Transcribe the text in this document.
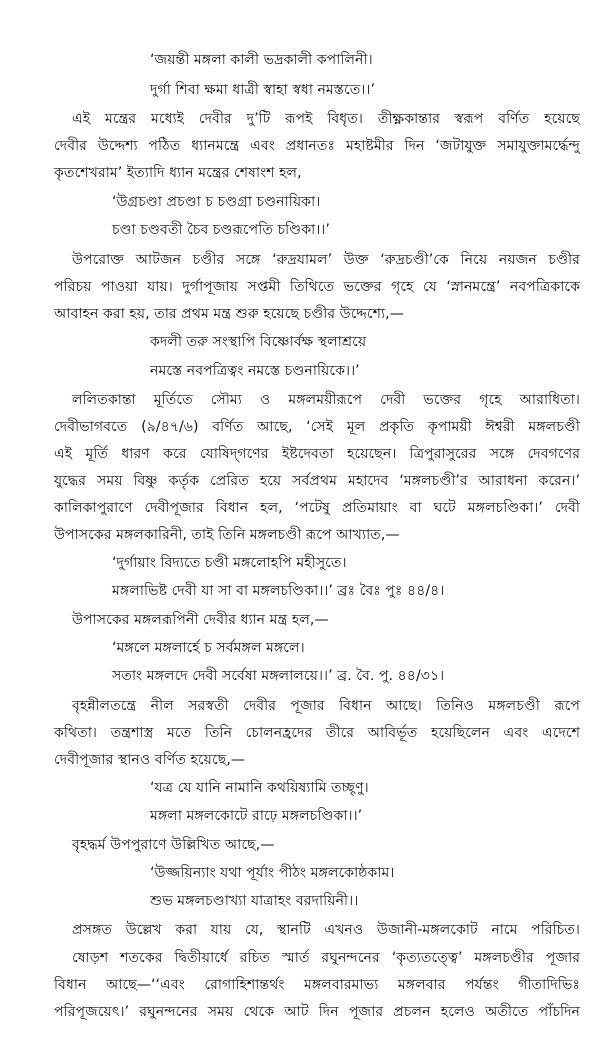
‘জয়ন্তী মঙ্গলা কালী ভদ্রকালী কপালিনী।
দুর্গা শিবা ক্ষমা ধাত্রী স্বাহা স্বধা নমস্ততে।।’
এই মন্ত্রের মধ্যেই দেবীর দু’টি রূপই বিধৃত। তীক্ষ্ণকান্তার স্বরূপ বর্ণিত হয়েছে
দেবীর উদ্দেশ্য পঠিত ধ্যানমন্ত্রে এবং প্রধানতঃ মহাষ্টমীর দিন ‘জটাযুক্ত সমাযুক্তামর্দ্ধেন্দু
কৃতশেখরাম’ ইত্যাদি ধ্যান মন্ত্রের শেষাংশ হল,
‘উগ্রচণ্ডা প্রচণ্ডা চ চণ্ডগ্রা চণ্ডনায়িকা।
চণ্ডা চণ্ডবতী চৈব চণ্ডরূপেতি চণ্ডিকা।।’
উপরোক্ত আটজন চণ্ডীর সঙ্গে ‘রুদ্রযামল’ উক্ত ‘রুদ্রচণ্ডী’কে নিয়ে নয়জন চণ্ডীর
পরিচয় পাওয়া যায়। দুর্গাপূজায় সপ্তমী তিথিতে ভক্তের গৃহে যে ‘স্নানমন্ত্রে’ নবপত্রিকাকে
আবাহন করা হয়, তার প্রথম মন্ত্র শুরু হয়েছে চণ্ডীর উদ্দেশ্যে,—
কদলী তরু সংস্থাপি বিষ্ণোর্বক্ষ স্থলাশ্রয়ে
নমস্তে নবপত্রিত্বং নমস্তে চণ্ডনায়িকে।।’
ললিতকান্তা মূর্তিতে সৌম্য ও মঙ্গলময়ীরূপে দেবী ভক্তের গৃহে আরাধিতা।
দেবীভাগবতে (৯/৪৭/৬) বর্ণিত আছে, ‘সেই মূল প্রকৃতি কৃপাময়ী ঈশ্বরী মঙ্গলচণ্ডী
এই মূর্তি ধারণ করে যোষিদ্‌গণের ইষ্টদেবতা হয়েছেন। ত্রিপুরাসুরের সঙ্গে দেবগণের
যুদ্ধের সময় বিষ্ণু কর্তৃক প্রেরিত হয়ে সর্বপ্রথম মহাদেব ‘মঙ্গলচণ্ডী’র আরাধনা করেন।’
কালিকাপুরাণে দেবীপূজার বিধান হল, ‘পটেষু প্রতিমায়াং বা ঘটে মঙ্গলচণ্ডিকা।’ দেবী
উপাসকের মঙ্গলকারিনী, তাই তিনি মঙ্গলচণ্ডী রূপে আখ্যাত,—
‘দুর্গায়াং বিদ্যতে চণ্ডী মঙ্গলোহপি মহীসুতে।
মঙ্গলাভিষ্ট দেবী যা সা বা মঙ্গলচণ্ডিকা।।’ ব্রঃ বৈঃ পুঃ ৪৪/৪।
উপাসকের মঙ্গলরূপিনী দেবীর ধ্যান মন্ত্র হল,—
‘মঙ্গলে মঙ্গলার্হে চ সর্বমঙ্গল মঙ্গলে।
সতাং মঙ্গলদে দেবী সর্বেষা মঙ্গলালয়ে।।’ ব্র. বৈ. পু. ৪৪/৩১।
বৃহন্নীলতন্ত্রে নীল সরস্বতী দেবীর পূজার বিধান আছে। তিনিও মঙ্গলচণ্ডী রূপে
কথিতা। তন্ত্রশাস্ত্র মতে তিনি চোলনহ্রদের তীরে আবির্ভূত হয়েছিলেন এবং এদেশে
দেবীপূজার স্থানও বর্ণিত হয়েছে,—
‘যত্র যে যানি নামানি কথয়িষ্যামি তচ্ছৃণু।
মঙ্গলা মঙ্গলকোটে রাঢ়ে মঙ্গলচণ্ডিকা।।’
বৃহদ্ধর্ম উপপুরাণে উল্লিখিত আছে,—
‘উজ্জয়িন্যাং যথা পূর্যাং পীঠং মঙ্গলকোষ্ঠকাম।
শুভ মঙ্গলচণ্ডাখ্যা যাত্রাহং বরদায়িনী।।
প্রসঙ্গত উল্লেখ করা যায় যে, স্থানটি এখনও উজানী-মঙ্গলকোট নামে পরিচিত।
ষোড়শ শতকের দ্বিতীয়ার্ধে রচিত স্মার্ত রঘুনন্দনের ‘কৃত্যতত্ত্বে’ মঙ্গলচণ্ডীর পূজার
বিধান আছে—‘‘এবং রোগাহিশান্তর্থং মঙ্গলবারমাভ্য মঙ্গলবার পর্যন্তং গীতাদিভিঃ
পরিপূজয়েৎ।’ রঘুনন্দনের সময় থেকে আট দিন পূজার প্রচলন হলেও অতীতে পাঁচদিন
